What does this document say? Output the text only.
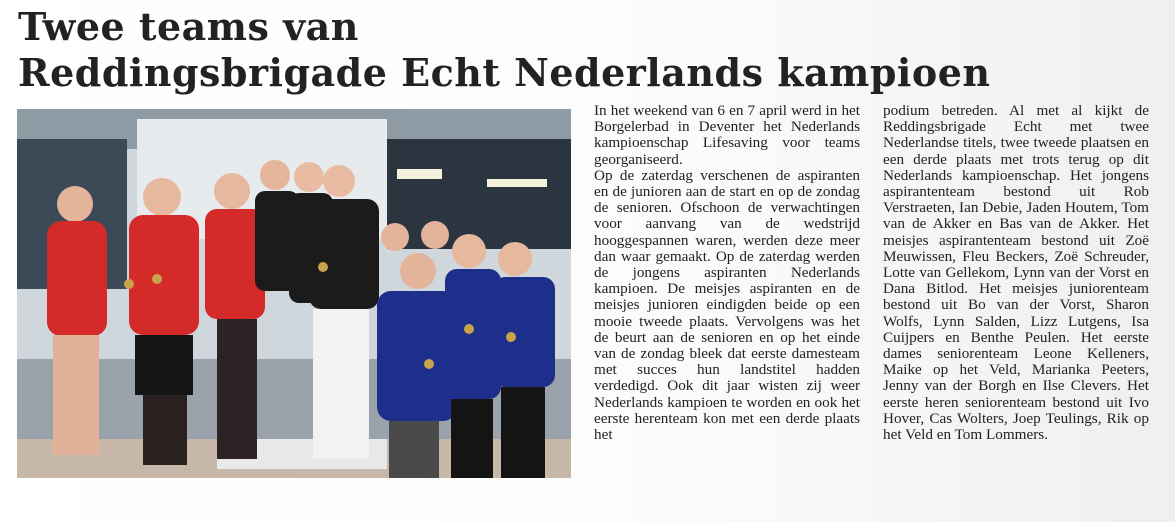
Twee teams van
Reddingsbrigade Echt Nederlands kampioen

In het weekend van 6 en 7 april werd in het Borgelerbad in Deventer het Nederlands kampioenschap Lifesaving voor teams georganiseerd.

Op de zaterdag verschenen de aspiranten en de junioren aan de start en op de zondag de senioren. Ofschoon de verwachtingen voor aanvang van de wedstrijd hooggespannen waren, werden deze meer dan waar gemaakt. Op de zaterdag werden de jongens aspiranten Nederlands kampioen. De meisjes aspiranten en de meisjes junioren eindigden beide op een mooie tweede plaats. Vervolgens was het de beurt aan de senioren en op het einde van de zondag bleek dat eerste damesteam met succes hun landstitel hadden verdedigd. Ook dit jaar wisten zij weer Nederlands kampioen te worden en ook het eerste herenteam kon met een derde plaats het

podium betreden. Al met al kijkt de Reddingsbrigade Echt met twee Nederlandse titels, twee tweede plaatsen en een derde plaats met trots terug op dit Nederlands kampioenschap. Het jongens aspirantenteam bestond uit Rob Verstraeten, Ian Debie, Jaden Houtem, Tom van de Akker en Bas van de Akker. Het meisjes aspirantenteam bestond uit Zoë Meuwissen, Fleu Beckers, Zoë Schreuder, Lotte van Gellekom, Lynn van der Vorst en Dana Bitlod. Het meisjes juniorenteam bestond uit Bo van der Vorst, Sharon Wolfs, Lynn Salden, Lizz Lutgens, Isa Cuijpers en Benthe Peulen. Het eerste dames seniorenteam Leone Kelleners, Maike op het Veld, Marianka Peeters, Jenny van der Borgh en Ilse Clevers. Het eerste heren seniorenteam bestond uit Ivo Hover, Cas Wolters, Joep Teulings, Rik op het Veld en Tom Lommers.
